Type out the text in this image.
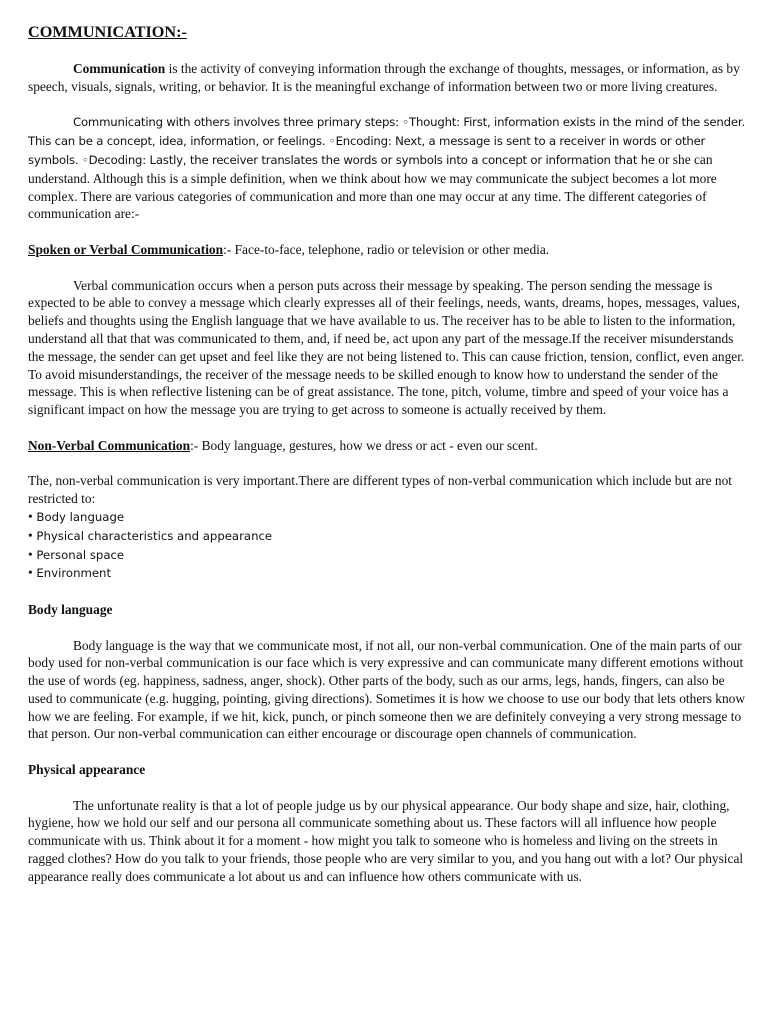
COMMUNICATION:-

Communication is the activity of conveying information through the exchange of thoughts, messages, or information, as by speech, visuals, signals, writing, or behavior. It is the meaningful exchange of information between two or more living creatures.

Communicating with others involves three primary steps: ◦Thought: First, information exists in the mind of the sender. This can be a concept, idea, information, or feelings. ◦Encoding: Next, a message is sent to a receiver in words or other symbols. ◦Decoding: Lastly, the receiver translates the words or symbols into a concept or information that he or she can understand. Although this is a simple definition, when we think about how we may communicate the subject becomes a lot more complex. There are various categories of communication and more than one may occur at any time. The different categories of communication are:-

Spoken or Verbal Communication:- Face-to-face, telephone, radio or television or other media.

Verbal communication occurs when a person puts across their message by speaking. The person sending the message is expected to be able to convey a message which clearly expresses all of their feelings, needs, wants, dreams, hopes, messages, values, beliefs and thoughts using the English language that we have available to us. The receiver has to be able to listen to the information, understand all that that was communicated to them, and, if need be, act upon any part of the message.If the receiver misunderstands the message, the sender can get upset and feel like they are not being listened to. This can cause friction, tension, conflict, even anger. To avoid misunderstandings, the receiver of the message needs to be skilled enough to know how to understand the sender of the message. This is when reflective listening can be of great assistance. The tone, pitch, volume, timbre and speed of your voice has a significant impact on how the message you are trying to get across to someone is actually received by them.

Non-Verbal Communication:- Body language, gestures, how we dress or act - even our scent.

The, non-verbal communication is very important.There are different types of non-verbal communication which include but are not restricted to:

• Body language
• Physical characteristics and appearance
• Personal space
• Environment
Body language

Body language is the way that we communicate most, if not all, our non-verbal communication. One of the main parts of our body used for non-verbal communication is our face which is very expressive and can communicate many different emotions without the use of words (eg. happiness, sadness, anger, shock). Other parts of the body, such as our arms, legs, hands, fingers, can also be used to communicate (e.g. hugging, pointing, giving directions). Sometimes it is how we choose to use our body that lets others know how we are feeling. For example, if we hit, kick, punch, or pinch someone then we are definitely conveying a very strong message to that person. Our non-verbal communication can either encourage or discourage open channels of communication.

Physical appearance

The unfortunate reality is that a lot of people judge us by our physical appearance. Our body shape and size, hair, clothing, hygiene, how we hold our self and our persona all communicate something about us. These factors will all influence how people communicate with us. Think about it for a moment - how might you talk to someone who is homeless and living on the streets in ragged clothes? How do you talk to your friends, those people who are very similar to you, and you hang out with a lot? Our physical appearance really does communicate a lot about us and can influence how others communicate with us.
